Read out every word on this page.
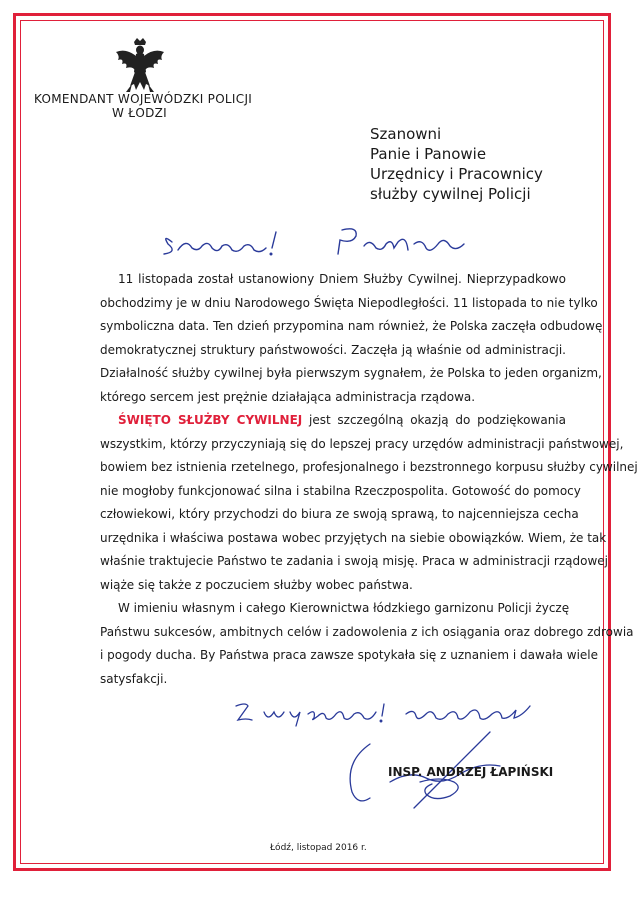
KOMENDANT WOJEWÓDZKI POLICJI
W ŁODZI
Szanowni
Panie i Panowie
Urzędnicy i Pracownicy
służby cywilnej Policji
11 listopada został ustanowiony Dniem Służby Cywilnej. Nieprzypadkowo
obchodzimy je w dniu Narodowego Święta Niepodległości. 11 listopada to nie tylko
symboliczna data. Ten dzień przypomina nam również, że Polska zaczęła odbudowę
demokratycznej struktury państwowości. Zaczęła ją właśnie od administracji.
Działalność służby cywilnej była pierwszym sygnałem, że Polska to jeden organizm,
którego sercem jest prężnie działająca administracja rządowa.
ŚWIĘTO SŁUŻBY CYWILNEJ jest szczególną okazją do podziękowania
wszystkim, którzy przyczyniają się do lepszej pracy urzędów administracji państwowej,
bowiem bez istnienia rzetelnego, profesjonalnego i bezstronnego korpusu służby cywilnej
nie mogłoby funkcjonować silna i stabilna Rzeczpospolita. Gotowość do pomocy
człowiekowi, który przychodzi do biura ze swoją sprawą, to najcenniejsza cecha
urzędnika i właściwa postawa wobec przyjętych na siebie obowiązków. Wiem, że tak
właśnie traktujecie Państwo te zadania i swoją misję. Praca w administracji rządowej
wiąże się także z poczuciem służby wobec państwa.
W imieniu własnym i całego Kierownictwa łódzkiego garnizonu Policji życzę
Państwu sukcesów, ambitnych celów i zadowolenia z ich osiągania oraz dobrego zdrowia
i pogody ducha. By Państwa praca zawsze spotykała się z uznaniem i dawała wiele
satysfakcji.
INSP. ANDRZEJ ŁAPIŃSKI
Łódź, listopad 2016 r.
